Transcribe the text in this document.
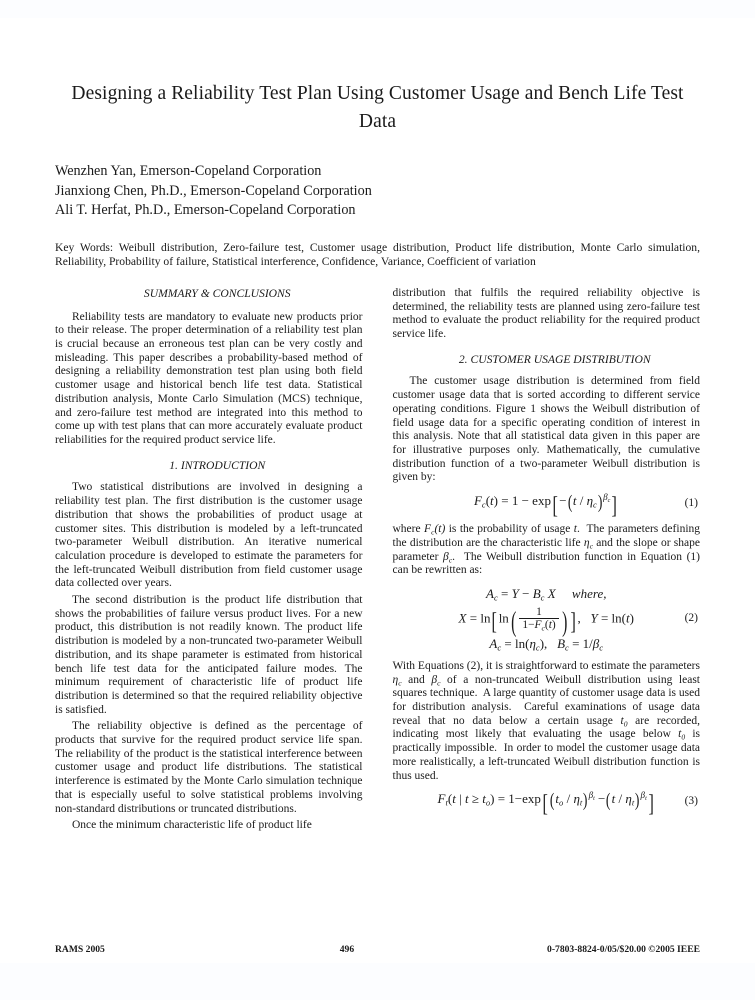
Designing a Reliability Test Plan Using Customer Usage and Bench Life Test Data
Wenzhen Yan, Emerson-Copeland Corporation
Jianxiong Chen, Ph.D., Emerson-Copeland Corporation
Ali T. Herfat, Ph.D., Emerson-Copeland Corporation
Key Words: Weibull distribution, Zero-failure test, Customer usage distribution, Product life distribution, Monte Carlo simulation, Reliability, Probability of failure, Statistical interference, Confidence, Variance, Coefficient of variation

SUMMARY & CONCLUSIONS

Reliability tests are mandatory to evaluate new products prior to their release. The proper determination of a reliability test plan is crucial because an erroneous test plan can be very costly and misleading. This paper describes a probability-based method of designing a reliability demonstration test plan using both field customer usage and historical bench life test data. Statistical distribution analysis, Monte Carlo Simulation (MCS) technique, and zero-failure test method are integrated into this method to come up with test plans that can more accurately evaluate product reliabilities for the required product service life.

1. INTRODUCTION

Two statistical distributions are involved in designing a reliability test plan. The first distribution is the customer usage distribution that shows the probabilities of product usage at customer sites. This distribution is modeled by a left-truncated two-parameter Weibull distribution. An iterative numerical calculation procedure is developed to estimate the parameters for the left-truncated Weibull distribution from field customer usage data collected over years.

The second distribution is the product life distribution that shows the probabilities of failure versus product lives. For a new product, this distribution is not readily known. The product life distribution is modeled by a non-truncated two-parameter Weibull distribution, and its shape parameter is estimated from historical bench life test data for the anticipated failure modes. The minimum requirement of characteristic life of product life distribution is determined so that the required reliability objective is satisfied.

The reliability objective is defined as the percentage of products that survive for the required product service life span. The reliability of the product is the statistical interference between customer usage and product life distributions. The statistical interference is estimated by the Monte Carlo simulation technique that is especially useful to solve statistical problems involving non-standard distributions or truncated distributions.

Once the minimum characteristic life of product life

distribution that fulfils the required reliability objective is determined, the reliability tests are planned using zero-failure test method to evaluate the product reliability for the required product service life.

2. CUSTOMER USAGE DISTRIBUTION

The customer usage distribution is determined from field customer usage data that is sorted according to different service operating conditions. Figure 1 shows the Weibull distribution of field usage data for a specific operating condition of interest in this analysis. Note that all statistical data given in this paper are for illustrative purposes only. Mathematically, the cumulative distribution function of a two-parameter Weibull distribution is given by:

$F_c(t) = 1 - \exp[-(t / \eta_c)^{\beta_c}]$	(1)

where $F_c(t)$ is the probability of usage t.  The parameters defining the distribution are the characteristic life $\eta_c$ and the slope or shape parameter $\beta_c$.  The Weibull distribution function in Equation (1) can be rewritten as:

$A_c = Y - B_c$ X where,
$X = \ln[\ln( \frac{1}{1-F_c(t)}$ ) ], Y = ln(t)
$A_c = \ln(\eta_c)$, $B_c = 1/\beta_c$
(2)

With Equations (2), it is straightforward to estimate the parameters $\eta_c$ and $\beta_c$ of a non-truncated Weibull distribution using least squares technique.  A large quantity of customer usage data is used for distribution analysis.  Careful examinations of usage data reveal that no data below a certain usage $t_0$ are recorded, indicating most likely that evaluating the usage below $t_0$ is practically impossible.  In order to model the customer usage data more realistically, a left-truncated Weibull distribution function is thus used.

$F_t(t$ | $t \ge t_o) = 1-\exp$[ $(t_o / \eta_t)^{\beta_t} -(t / \eta_t)^{\beta_t}$]	(3)
RAMS 2005	496	0-7803-8824-0/05/$20.00 ©2005 IEEE
